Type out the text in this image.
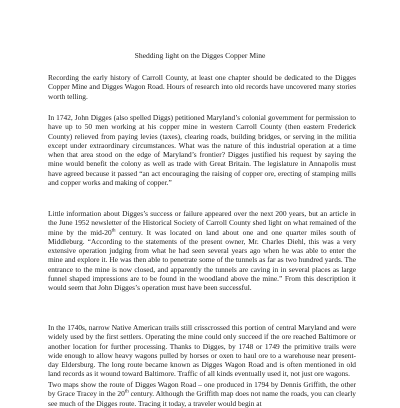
Shedding light on the Digges Copper Mine

Recording the early history of Carroll County, at least one chapter should be dedicated to the Digges Copper Mine and Digges Wagon Road. Hours of research into old records have uncovered many stories worth telling.

In 1742, John Digges (also spelled Diggs) petitioned Maryland’s colonial government for permission to have up to 50 men working at his copper mine in western Carroll County (then eastern Frederick County) relieved from paying levies (taxes), clearing roads, building bridges, or serving in the militia except under extraordinary circumstances. What was the nature of this industrial operation at a time when that area stood on the edge of Maryland’s frontier? Digges justified his request by saying the mine would benefit the colony as well as trade with Great Britain. The legislature in Annapolis must have agreed because it passed “an act encouraging the raising of copper ore, erecting of stamping mills and copper works and making of copper.”

Little information about Digges’s success or failure appeared over the next 200 years, but an article in the June 1952 newsletter of the Historical Society of Carroll County shed light on what remained of the mine by the mid-20th century. It was located on land about one and one quarter miles south of Middleburg. “According to the statements of the present owner, Mr. Charles Diehl, this was a very extensive operation judging from what he had seen several years ago when he was able to enter the mine and explore it. He was then able to penetrate some of the tunnels as far as two hundred yards. The entrance to the mine is now closed, and apparently the tunnels are caving in in several places as large funnel shaped impressions are to be found in the woodland above the mine.” From this description it would seem that John Digges’s operation must have been successful.

In the 1740s, narrow Native American trails still crisscrossed this portion of central Maryland and were widely used by the first settlers. Operating the mine could only succeed if the ore reached Baltimore or another location for further processing. Thanks to Digges, by 1748 or 1749 the primitive trails were wide enough to allow heavy wagons pulled by horses or oxen to haul ore to a warehouse near present-day Eldersburg. The long route became known as Digges Wagon Road and is often mentioned in old land records as it wound toward Baltimore. Traffic of all kinds eventually used it, not just ore wagons.

Two maps show the route of Digges Wagon Road – one produced in 1794 by Dennis Griffith, the other by Grace Tracey in the 20th century. Although the Griffith map does not name the roads, you can clearly see much of the Digges route. Tracing it today, a traveler would begin at
